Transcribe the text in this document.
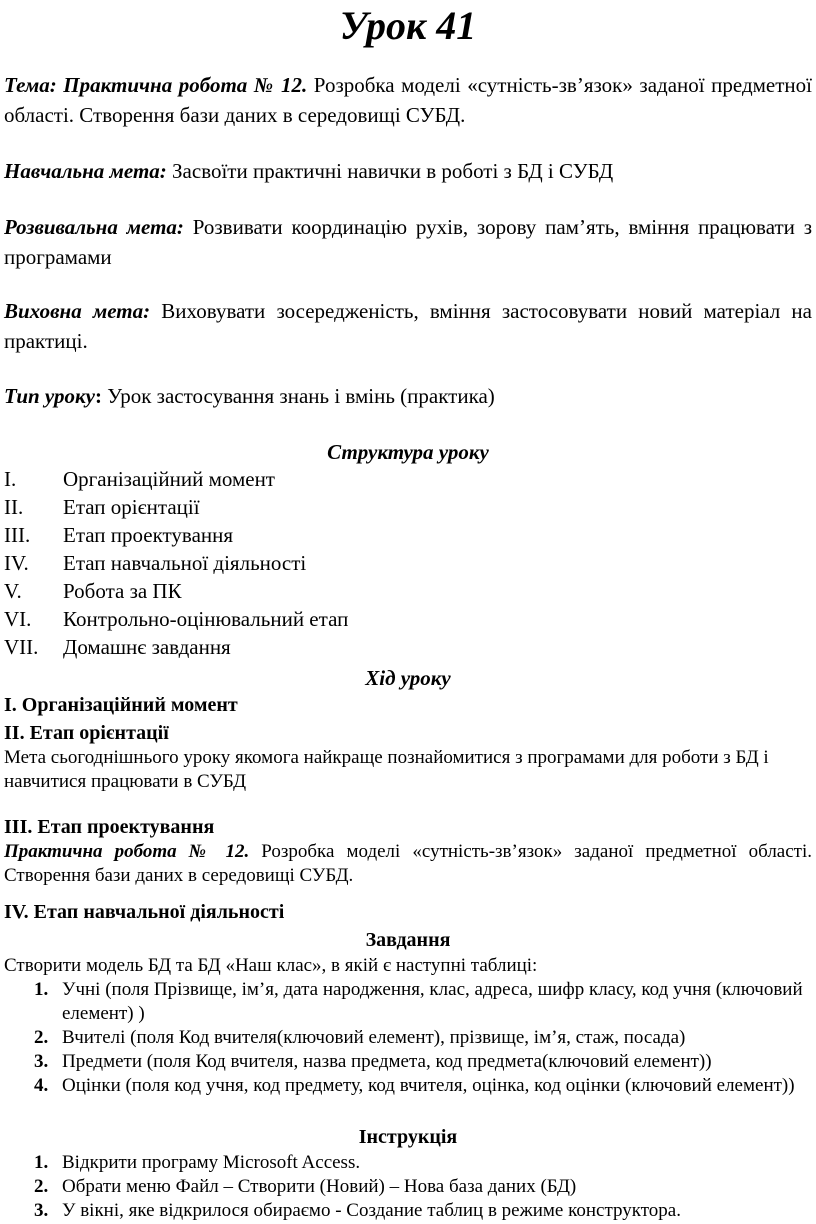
Урок 41
Тема: Практична робота № 12. Розробка моделі «сутність-зв’язок» заданої предметної області. Створення бази даних в середовищі СУБД.
Навчальна мета: Засвоїти практичні навички в роботі з БД і СУБД
Розвивальна мета: Розвивати координацію рухів, зорову пам’ять, вміння працювати з програмами
Виховна мета: Виховувати зосередженість, вміння застосовувати новий матеріал на практиці.
Тип уроку: Урок застосування знань і вмінь (практика)
Структура уроку
I.	Організаційний момент
II.	Етап орієнтації
III.	Етап проектування
IV.	Етап навчальної діяльності
V.	Робота за ПК
VI.	Контрольно-оцінювальний етап
VII.	Домашнє завдання
Хід уроку
I. Організаційний момент
II. Етап орієнтації
Мета сьогоднішнього уроку якомога найкраще познайомитися з програмами для роботи з БД і навчитися працювати в СУБД
III. Етап проектування
Практична робота № 12. Розробка моделі «сутність-зв’язок» заданої предметної області. Створення бази даних в середовищі СУБД.
IV. Етап навчальної діяльності
Завдання
Створити модель БД та БД «Наш клас», в якій є наступні таблиці:
1. Учні (поля Прізвище, ім’я, дата народження, клас, адреса, шифр класу, код учня (ключовий елемент) )
2. Вчителі (поля Код вчителя(ключовий елемент), прізвище, ім’я, стаж, посада)
3. Предмети (поля Код вчителя, назва предмета, код предмета(ключовий елемент))
4. Оцінки (поля код учня, код предмету, код вчителя, оцінка, код оцінки (ключовий елемент))
Інструкція
1. Відкрити програму Microsoft Access.
2. Обрати меню Файл – Створити (Новий) – Нова база даних (БД)
3. У вікні, яке відкрилося обираємо - Создание таблиц в режиме конструктора.
